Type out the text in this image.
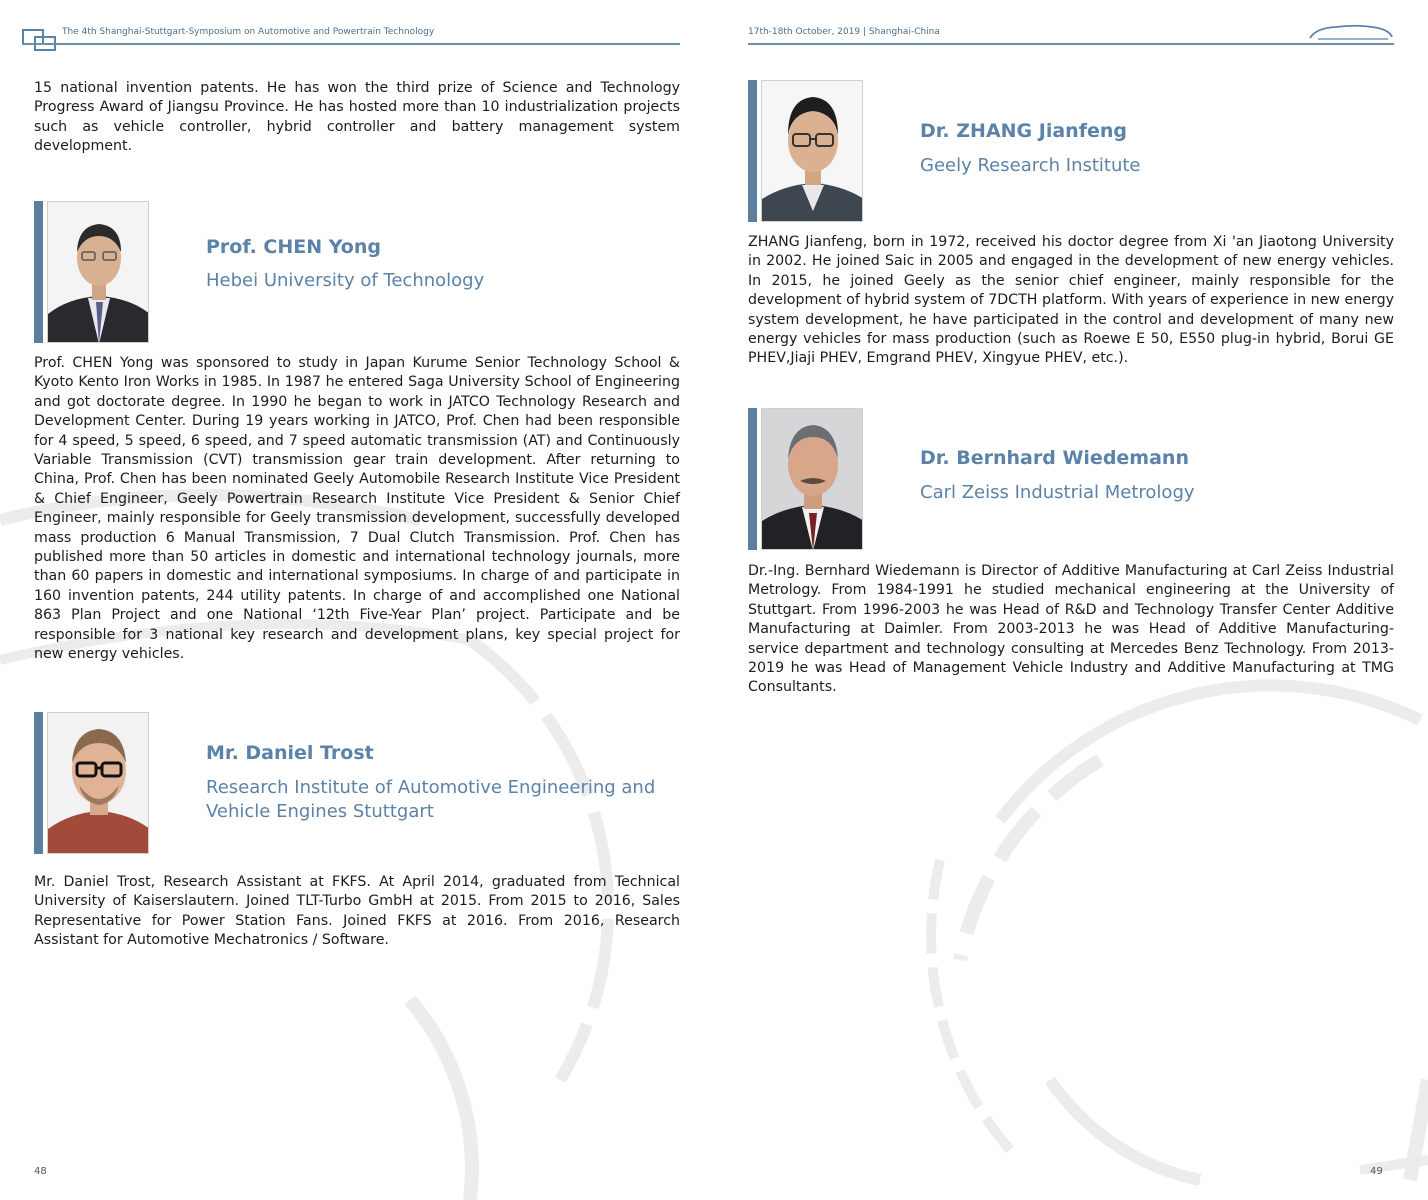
The 4th Shanghai-Stuttgart-Symposium on Automotive and Powertrain Technology
15 national invention patents. He has won the third prize of Science and Technology Progress Award of Jiangsu Province. He has hosted more than 10 industrialization projects such as vehicle controller, hybrid controller and battery management system development.
Prof. CHEN Yong
Hebei University of Technology
Prof. CHEN Yong was sponsored to study in Japan Kurume Senior Technology School & Kyoto Kento Iron Works in 1985. In 1987 he entered Saga University School of Engineering and got doctorate degree. In 1990 he began to work in JATCO Technology Research and Development Center. During 19 years working in JATCO, Prof. Chen had been responsible for 4 speed, 5 speed, 6 speed, and 7 speed automatic transmission (AT) and Continuously Variable Transmission (CVT) transmission gear train development. After returning to China, Prof. Chen has been nominated Geely Automobile Research Institute Vice President & Chief Engineer, Geely Powertrain Research Institute Vice President & Senior Chief Engineer, mainly responsible for Geely transmission development, successfully developed mass production 6 Manual Transmission, 7 Dual Clutch Transmission. Prof. Chen has published more than 50 articles in domestic and international technology journals, more than 60 papers in domestic and international symposiums. In charge of and participate in 160 invention patents, 244 utility patents. In charge of and accomplished one National 863 Plan Project and one National ‘12th Five-Year Plan’ project. Participate and be responsible for 3 national key research and development plans, key special project for new energy vehicles.
Mr. Daniel Trost
Research Institute of Automotive Engineering and
Vehicle Engines Stuttgart
Mr. Daniel Trost, Research Assistant at FKFS. At April 2014, graduated from Technical University of Kaiserslautern. Joined TLT-Turbo GmbH at 2015. From 2015 to 2016, Sales Representative for Power Station Fans. Joined FKFS at 2016. From 2016, Research Assistant for Automotive Mechatronics / Software.
48
17th-18th October, 2019 | Shanghai-China
Dr. ZHANG Jianfeng
Geely Research Institute
ZHANG Jianfeng, born in 1972, received his doctor degree from Xi 'an Jiaotong University in 2002. He joined Saic in 2005 and engaged in the development of new energy vehicles. In 2015, he joined Geely as the senior chief engineer, mainly responsible for the development of hybrid system of 7DCTH platform. With years of experience in new energy system development, he have participated in the control and development of many new energy vehicles for mass production (such as Roewe E 50, E550 plug-in hybrid, Borui GE PHEV,Jiaji PHEV, Emgrand PHEV, Xingyue PHEV, etc.).
Dr. Bernhard Wiedemann
Carl Zeiss Industrial Metrology
Dr.-Ing. Bernhard Wiedemann is Director of Additive Manufacturing at Carl Zeiss Industrial Metrology. From 1984-1991 he studied mechanical engineering at the University of Stuttgart. From 1996-2003 he was Head of R&D and Technology Transfer Center Additive Manufacturing at Daimler. From 2003-2013 he was Head of Additive Manufacturing-service department and technology consulting at Mercedes Benz Technology. From 2013-2019 he was Head of Management Vehicle Industry and Additive Manufacturing at TMG Consultants.
49
